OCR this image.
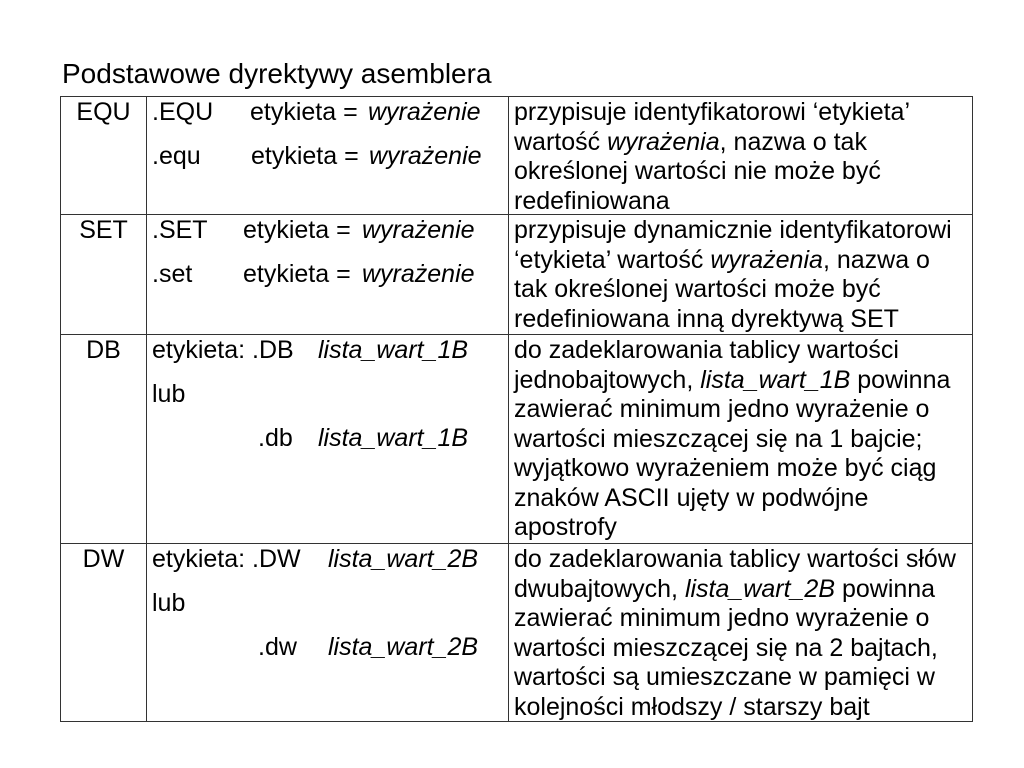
Podstawowe dyrektywy asemblera
EQU .EQU etykieta = wyrażenie
.equ etykieta = wyrażenie
przypisuje identyfikatorowi ‘etykieta’
wartość wyrażenia, nazwa o tak
określonej wartości nie może być
redefiniowana
SET .SET etykieta = wyrażenie
.set etykieta = wyrażenie
przypisuje dynamicznie identyfikatorowi
‘etykieta’ wartość wyrażenia, nazwa o
tak określonej wartości może być
redefiniowana inną dyrektywą SET
DB	etykieta: .DB lista_wart_1B
lub
.db lista_wart_1B
do zadeklarowania tablicy wartości
jednobajtowych, lista_wart_1B powinna
zawierać minimum jedno wyrażenie o
wartości mieszczącej się na 1 bajcie;
wyjątkowo wyrażeniem może być ciąg
znaków ASCII ujęty w podwójne
apostrofy
DW	etykieta: .DW lista_wart_2B
lub
.dw lista_wart_2B
do zadeklarowania tablicy wartości słów
dwubajtowych, lista_wart_2B powinna
zawierać minimum jedno wyrażenie o
wartości mieszczącej się na 2 bajtach,
wartości są umieszczane w pamięci w
kolejności młodszy / starszy bajt
